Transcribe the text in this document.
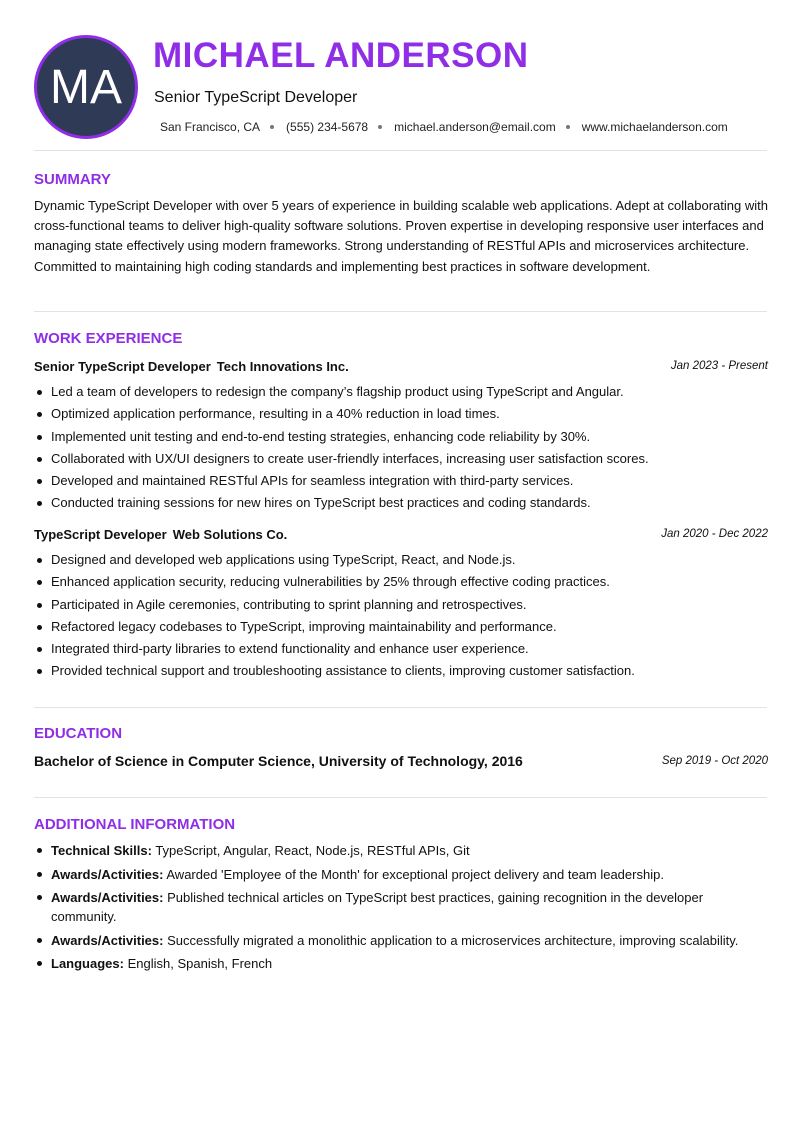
MA
MICHAEL ANDERSON
Senior TypeScript Developer
San Francisco, CA (555) 234-5678 michael.anderson@email.com www.michaelanderson.com
SUMMARY
Dynamic TypeScript Developer with over 5 years of experience in building scalable web applications. Adept at collaborating with cross-functional teams to deliver high-quality software solutions. Proven expertise in developing responsive user interfaces and managing state effectively using modern frameworks. Strong understanding of RESTful APIs and microservices architecture. Committed to maintaining high coding standards and implementing best practices in software development.
WORK EXPERIENCE
Senior TypeScript Developer Tech Innovations Inc.	Jan 2023 - Present
Led a team of developers to redesign the company’s flagship product using TypeScript and Angular.
Optimized application performance, resulting in a 40% reduction in load times.
Implemented unit testing and end-to-end testing strategies, enhancing code reliability by 30%.
Collaborated with UX/UI designers to create user-friendly interfaces, increasing user satisfaction scores.
Developed and maintained RESTful APIs for seamless integration with third-party services.
Conducted training sessions for new hires on TypeScript best practices and coding standards.
TypeScript Developer Web Solutions Co.	Jan 2020 - Dec 2022
Designed and developed web applications using TypeScript, React, and Node.js.
Enhanced application security, reducing vulnerabilities by 25% through effective coding practices.
Participated in Agile ceremonies, contributing to sprint planning and retrospectives.
Refactored legacy codebases to TypeScript, improving maintainability and performance.
Integrated third-party libraries to extend functionality and enhance user experience.
Provided technical support and troubleshooting assistance to clients, improving customer satisfaction.
EDUCATION
Bachelor of Science in Computer Science, University of Technology, 2016	Sep 2019 - Oct 2020
ADDITIONAL INFORMATION
Technical Skills: TypeScript, Angular, React, Node.js, RESTful APIs, Git
Awards/Activities: Awarded 'Employee of the Month' for exceptional project delivery and team leadership.
Awards/Activities: Published technical articles on TypeScript best practices, gaining recognition in the developer community.
Awards/Activities: Successfully migrated a monolithic application to a microservices architecture, improving scalability.
Languages: English, Spanish, French
